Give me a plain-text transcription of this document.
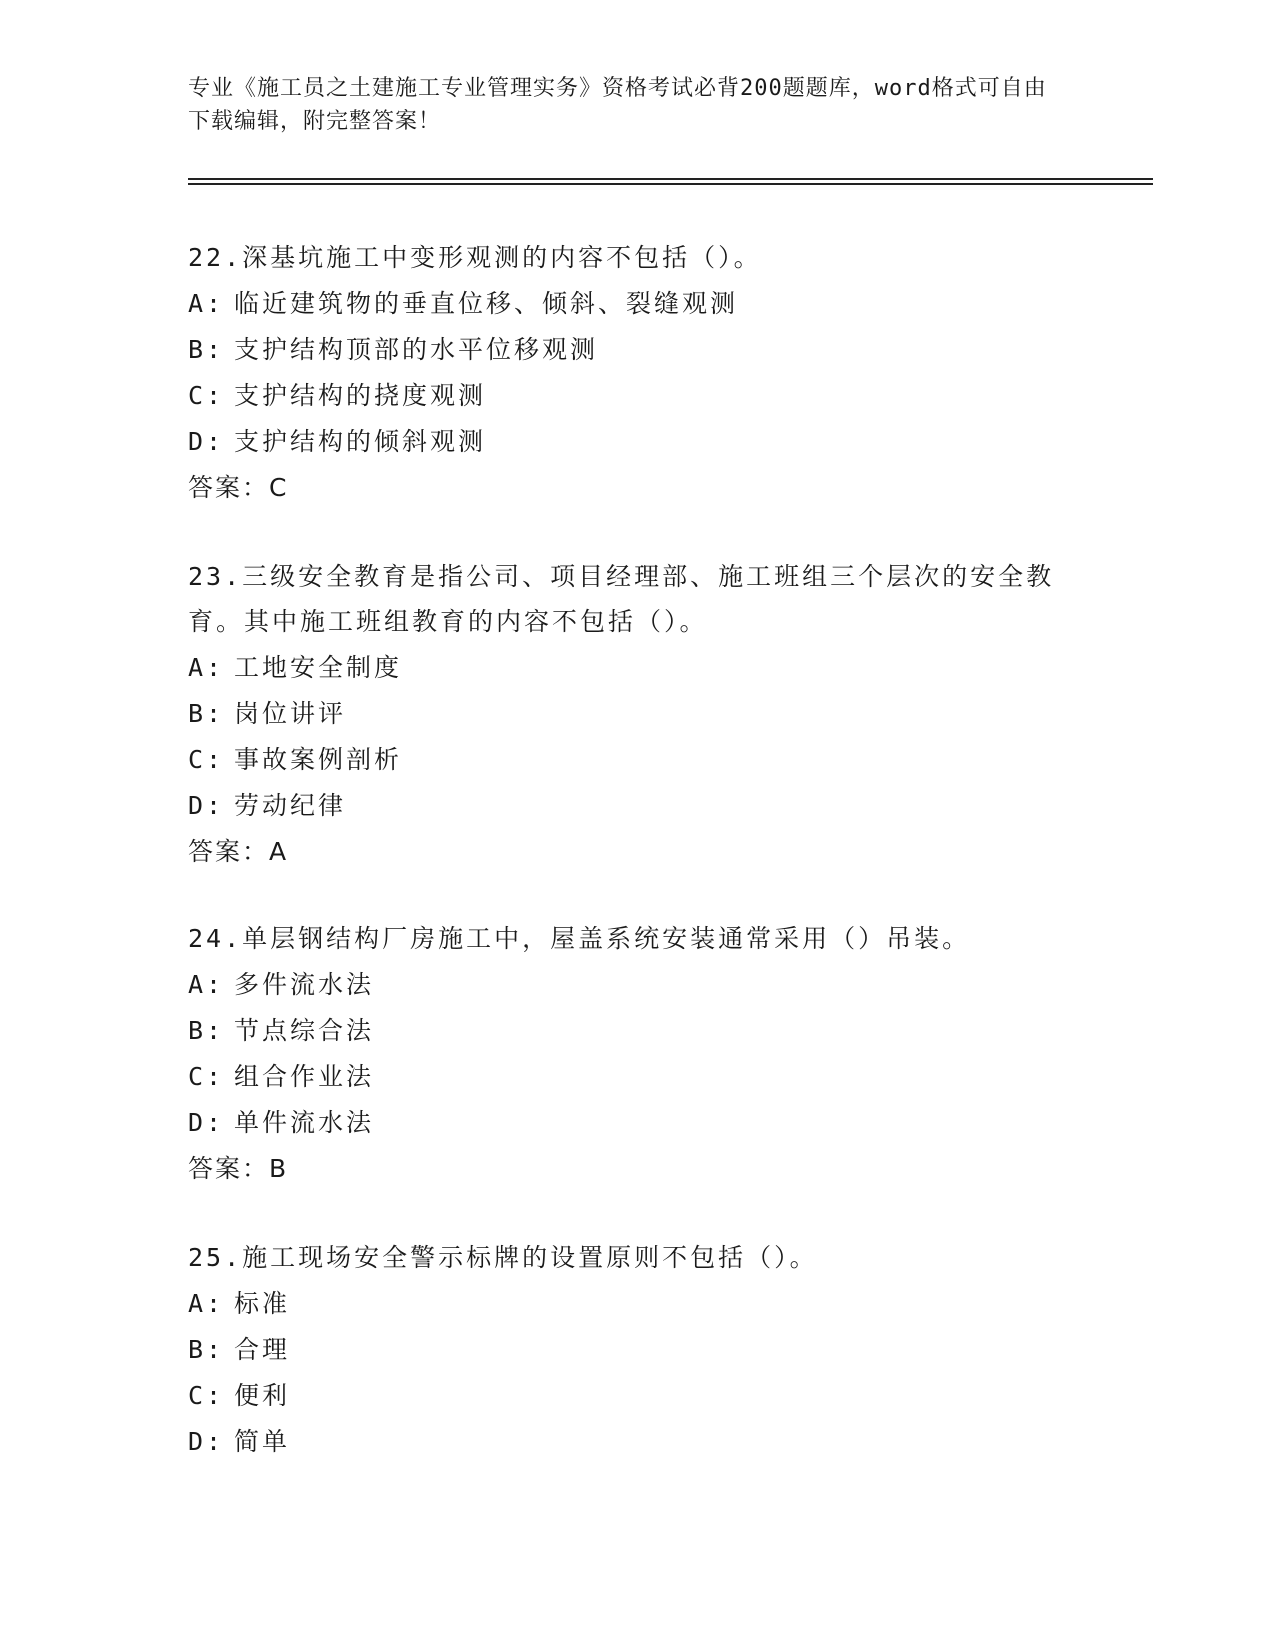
专业《施工员之土建施工专业管理实务》资格考试必背200题题库，word格式可自由下载编辑，附完整答案！
22.深基坑施工中变形观测的内容不包括（）。
A: 临近建筑物的垂直位移、倾斜、裂缝观测
B: 支护结构顶部的水平位移观测
C: 支护结构的挠度观测
D: 支护结构的倾斜观测
答案：C
23.三级安全教育是指公司、项目经理部、施工班组三个层次的安全教育。其中施工班组教育的内容不包括（）。
A: 工地安全制度
B: 岗位讲评
C: 事故案例剖析
D: 劳动纪律
答案：A
24.单层钢结构厂房施工中，屋盖系统安装通常采用（）吊装。
A: 多件流水法
B: 节点综合法
C: 组合作业法
D: 单件流水法
答案：B
25.施工现场安全警示标牌的设置原则不包括（）。
A: 标准
B: 合理
C: 便利
D: 简单
